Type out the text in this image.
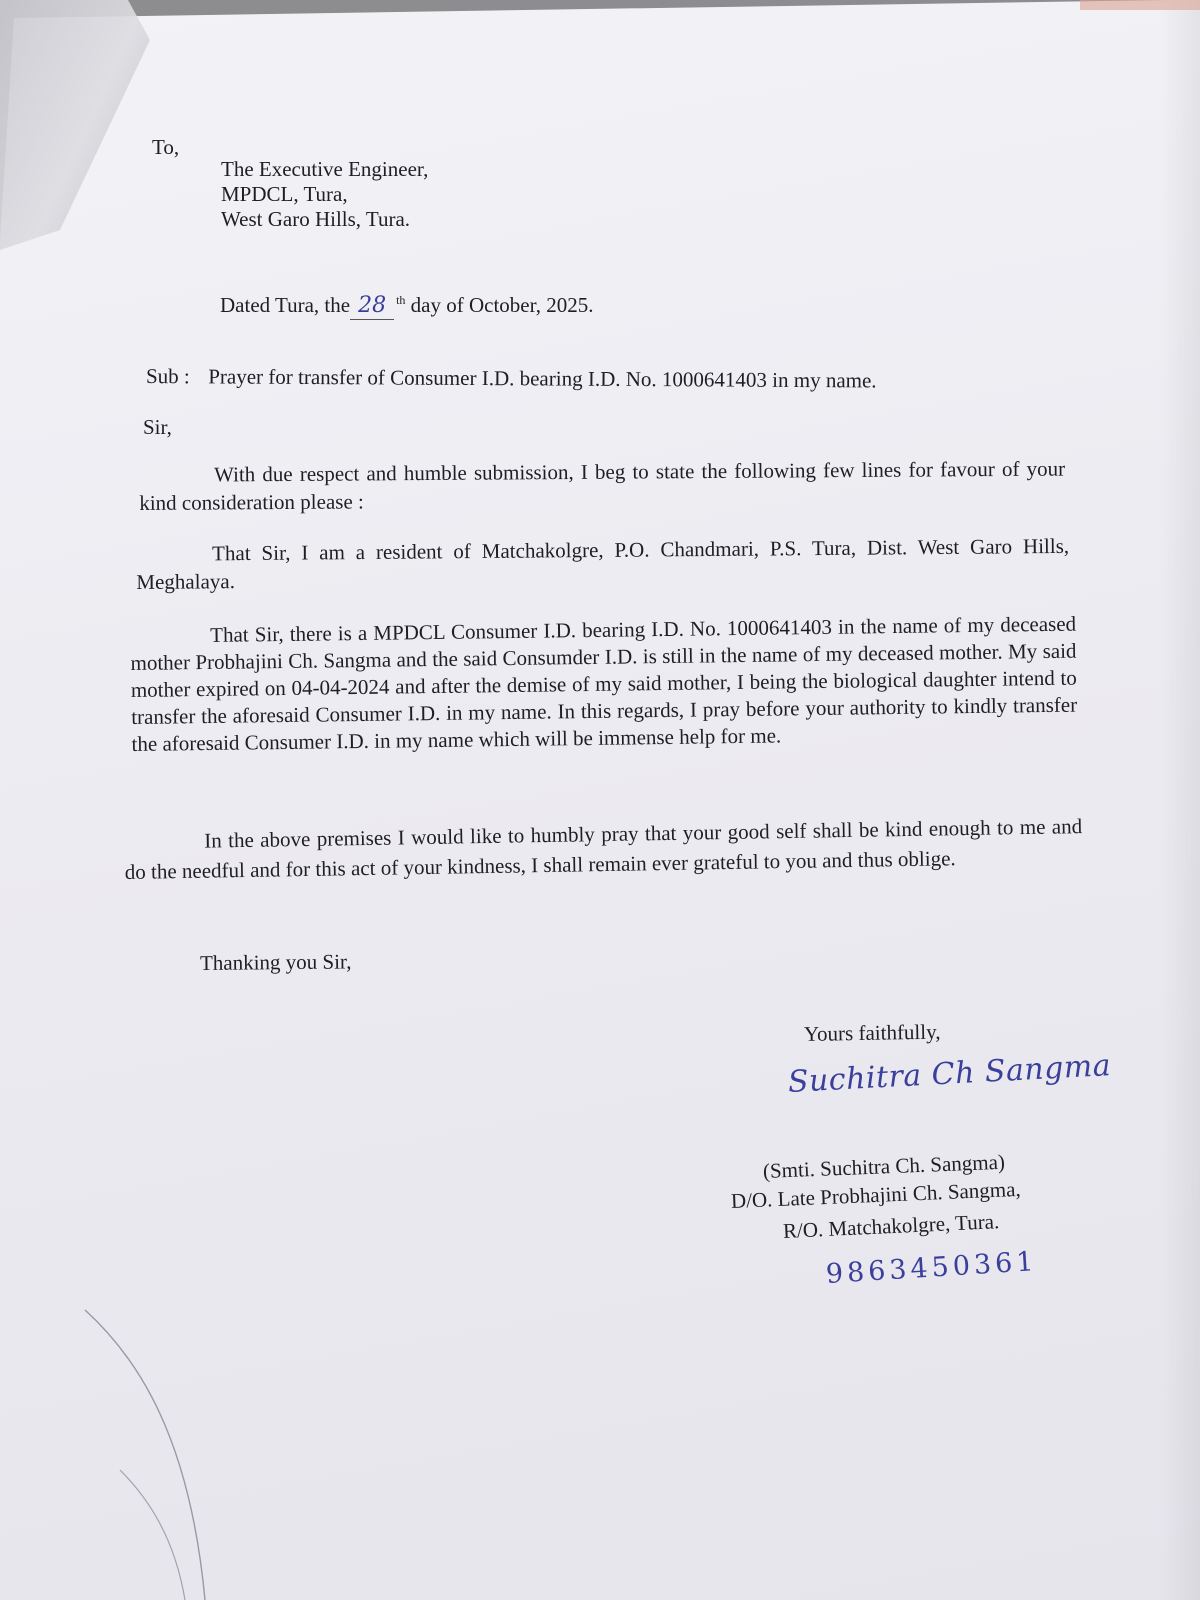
To,
The Executive Engineer,
MPDCL, Tura,
West Garo Hills, Tura.
Dated Tura, the 28 $^{th}$ day of October, 2025.
Sub : Prayer for transfer of Consumer I.D. bearing I.D. No. 1000641403 in my name.
Sir,
With due respect and humble submission, I beg to state the following few lines for favour of your kind consideration please :
That Sir, I am a resident of Matchakolgre, P.O. Chandmari, P.S. Tura, Dist. West Garo Hills, Meghalaya.
That Sir, there is a MPDCL Consumer I.D. bearing I.D. No. 1000641403 in the name of my deceased mother Probhajini Ch. Sangma and the said Consumder I.D. is still in the name of my deceased mother. My said mother expired on 04-04-2024 and after the demise of my said mother, I being the biological daughter intend to transfer the aforesaid Consumer I.D. in my name. In this regards, I pray before your authority to kindly transfer the aforesaid Consumer I.D. in my name which will be immense help for me.
In the above premises I would like to humbly pray that your good self shall be kind enough to me and do the needful and for this act of your kindness, I shall remain ever grateful to you and thus oblige.
Thanking you Sir,
Yours faithfully,
Suchitra Ch Sangma
(Smti. Suchitra Ch. Sangma)
D/O. Late Probhajini Ch. Sangma,
R/O. Matchakolgre, Tura.
9863450361
